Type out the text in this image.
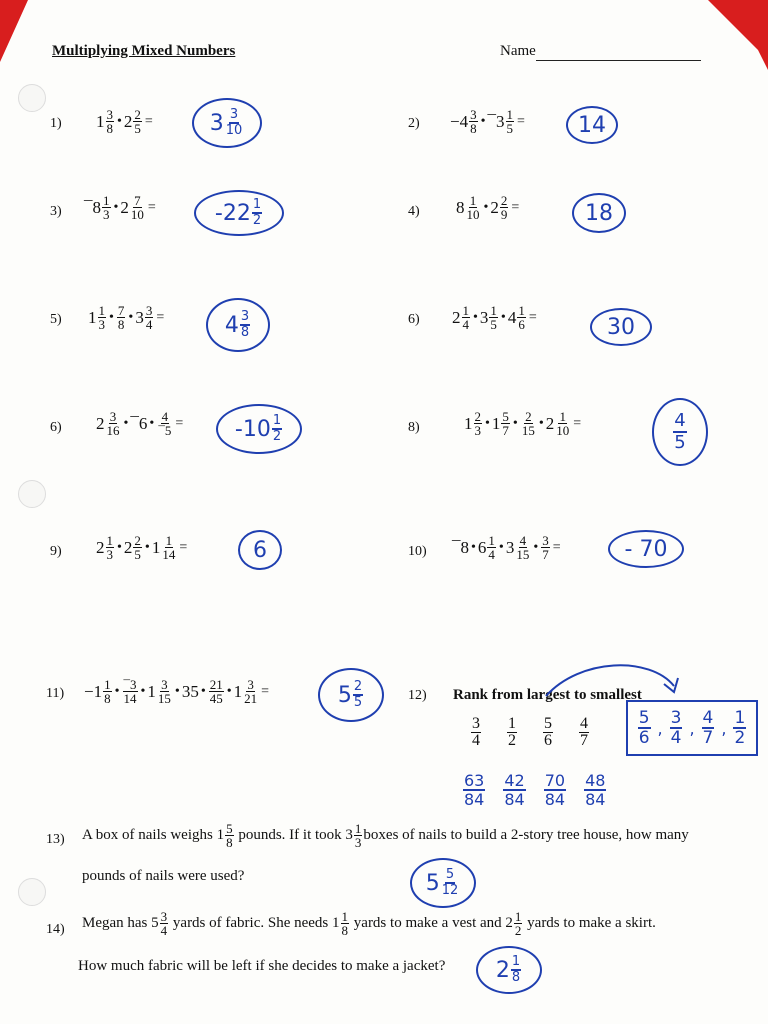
Multiplying Mixed Numbers	Name
1) $1 \frac{3}{8}$ • $2 \frac{2}{5}$ =	$3 \frac{3}{10}$	$2) -4 \frac{3}{8}$ • ¯3 $\frac{1}{5} = 14$
3) ¯8 $\frac{1}{3}$ • $2 \frac{7}{10}$ =	$-22 \frac{1}{2}$	4) $8 \frac{1}{10}$ • $2 \frac{2}{9}$ =	18
5) $1 \frac{1}{3}$ • $\frac{7}{8}$ • $3 \frac{3}{4}$ =	$4 \frac{3}{8}$	6) $2 \frac{1}{4}$ • $3 \frac{1}{5}$ • $4 \frac{1}{6}$ =	30
6) $2 \frac{3}{16}$ • ¯6 • $\frac{4}{¯5} = -10 \frac{1}{2}$	8)	$1 \frac{2}{3}$ • $1 \frac{5}{7}$ • $\frac{2}{15}$ • $2 \frac{1}{10}$ =	$\frac{4}{5}$
9) $2 \frac{1}{3}$ • $2 \frac{2}{5}$ • $1 \frac{1}{14}$ =	6	10) ¯8 • $6 \frac{1}{4}$ • $3 \frac{4}{15}$ • $\frac{3}{7}$ =	- 70
$11) -1 \frac{1}{8}$ • $\frac{¯3}{14}$ • $1 \frac{3}{15}$ • 35 • $\frac{21}{45}$ • $1 \frac{3}{21}$ =	$5 \frac{2}{5}$	12) Rank from largest to smallest
$\frac{3}{4} \frac{1}{2} \frac{5}{6} \frac{4}{7}$	$\frac{5}{6}$ , $\frac{3}{4}$ , $\frac{4}{7}$ , $\frac{1}{2}$
$\frac{63}{84} \frac{42}{84} \frac{70}{84} \frac{48}{84}$
13) A box of nails weighs
$1 \frac{5}{8}$
pounds. If it took
$3 \frac{1}{3}$ boxes of nails to build a 2-story tree house, how many
pounds of nails were used?	$5 \frac{5}{12}$
14) Megan has
$5 \frac{3}{4}$
yards of fabric. She needs
$1 \frac{1}{8}$
yards to make a vest and
$2 \frac{1}{2}$
yards to make a skirt.
How much fabric will be left if she decides to make a jacket? $2 \frac{1}{8}$
